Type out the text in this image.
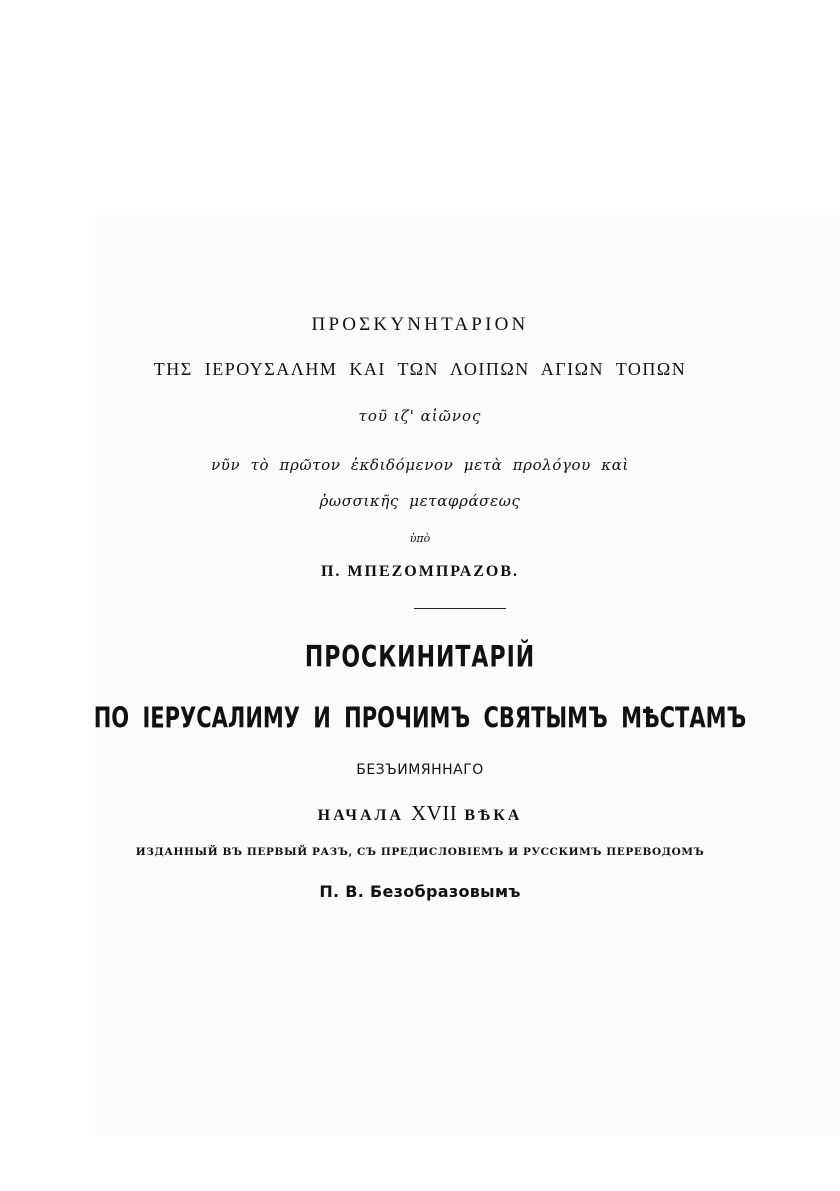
ΠΡΟΣΚΥΝΗΤΑΡΙΟΝ
ΤΗΣ ΙΕΡΟΥΣΑΛΗΜ ΚΑΙ ΤΩΝ ΛΟΙΠΩΝ ΑΓΙΩΝ ΤΟΠΩΝ
τοῦ ιζ' αἰῶνος
νῦν τὸ πρῶτον ἐκδιδόμενον μετὰ προλόγου καὶ
ῥωσσικῆς μεταφράσεως
ὑπὸ
Π. ΜΠΕΖΟΜΠΡΑΖΟΒ.
ПРОСКИНИТАРІЙ
ПО ІЕРУСАЛИМУ И ПРОЧИМЪ СВЯТЫМЪ МѢСТАМЪ
БЕЗЪИМЯННАГО
НАЧАЛА XVII ВѢКА
ИЗДАННЫЙ ВЪ ПЕРВЫЙ РАЗЪ, СЪ ПРЕДИСЛОВІЕМЪ И РУССКИМЪ ПЕРЕВОДОМЪ
П. В. Безобразовымъ
